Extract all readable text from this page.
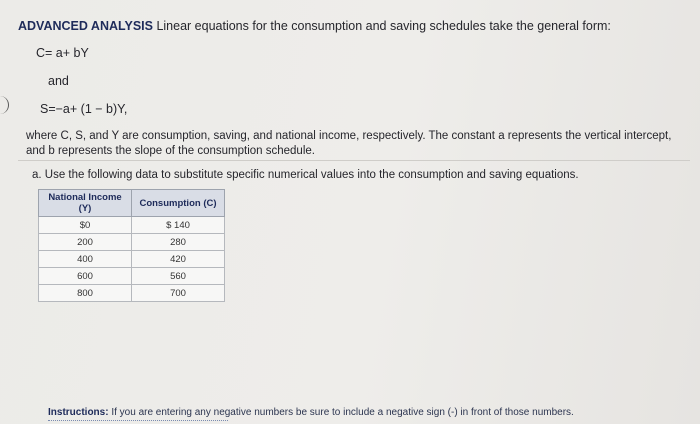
ADVANCED ANALYSIS Linear equations for the consumption and saving schedules take the general form:
C= a+ bY
and
S=−a+ (1 − b)Y,
where C, S, and Y are consumption, saving, and national income, respectively. The constant a represents the vertical intercept, and b represents the slope of the consumption schedule.
a. Use the following data to substitute specific numerical values into the consumption and saving equations.
National Income (Y)	Consumption (C)
$0	$ 140
200	280
400	420
600	560
800	700
Instructions: If you are entering any negative numbers be sure to include a negative sign (-) in front of those numbers.
